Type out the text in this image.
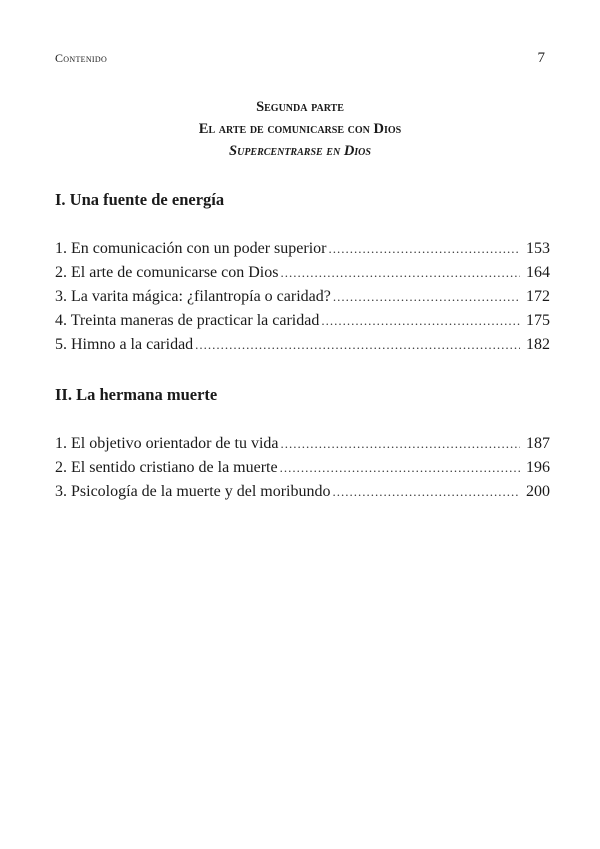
Contenido	7
Segunda parte
El arte de comunicarse con Dios
Supercentrarse en Dios
I. Una fuente de energía
1. En comunicación con un poder superior .....	153
2. El arte de comunicarse con Dios .....	164
3. La varita mágica: ¿filantropía o caridad? .....	172
4. Treinta maneras de practicar la caridad .....	175
5. Himno a la caridad .....	182
II. La hermana muerte
1. El objetivo orientador de tu vida .....	187
2. El sentido cristiano de la muerte .....	196
3. Psicología de la muerte y del moribundo .....	200
